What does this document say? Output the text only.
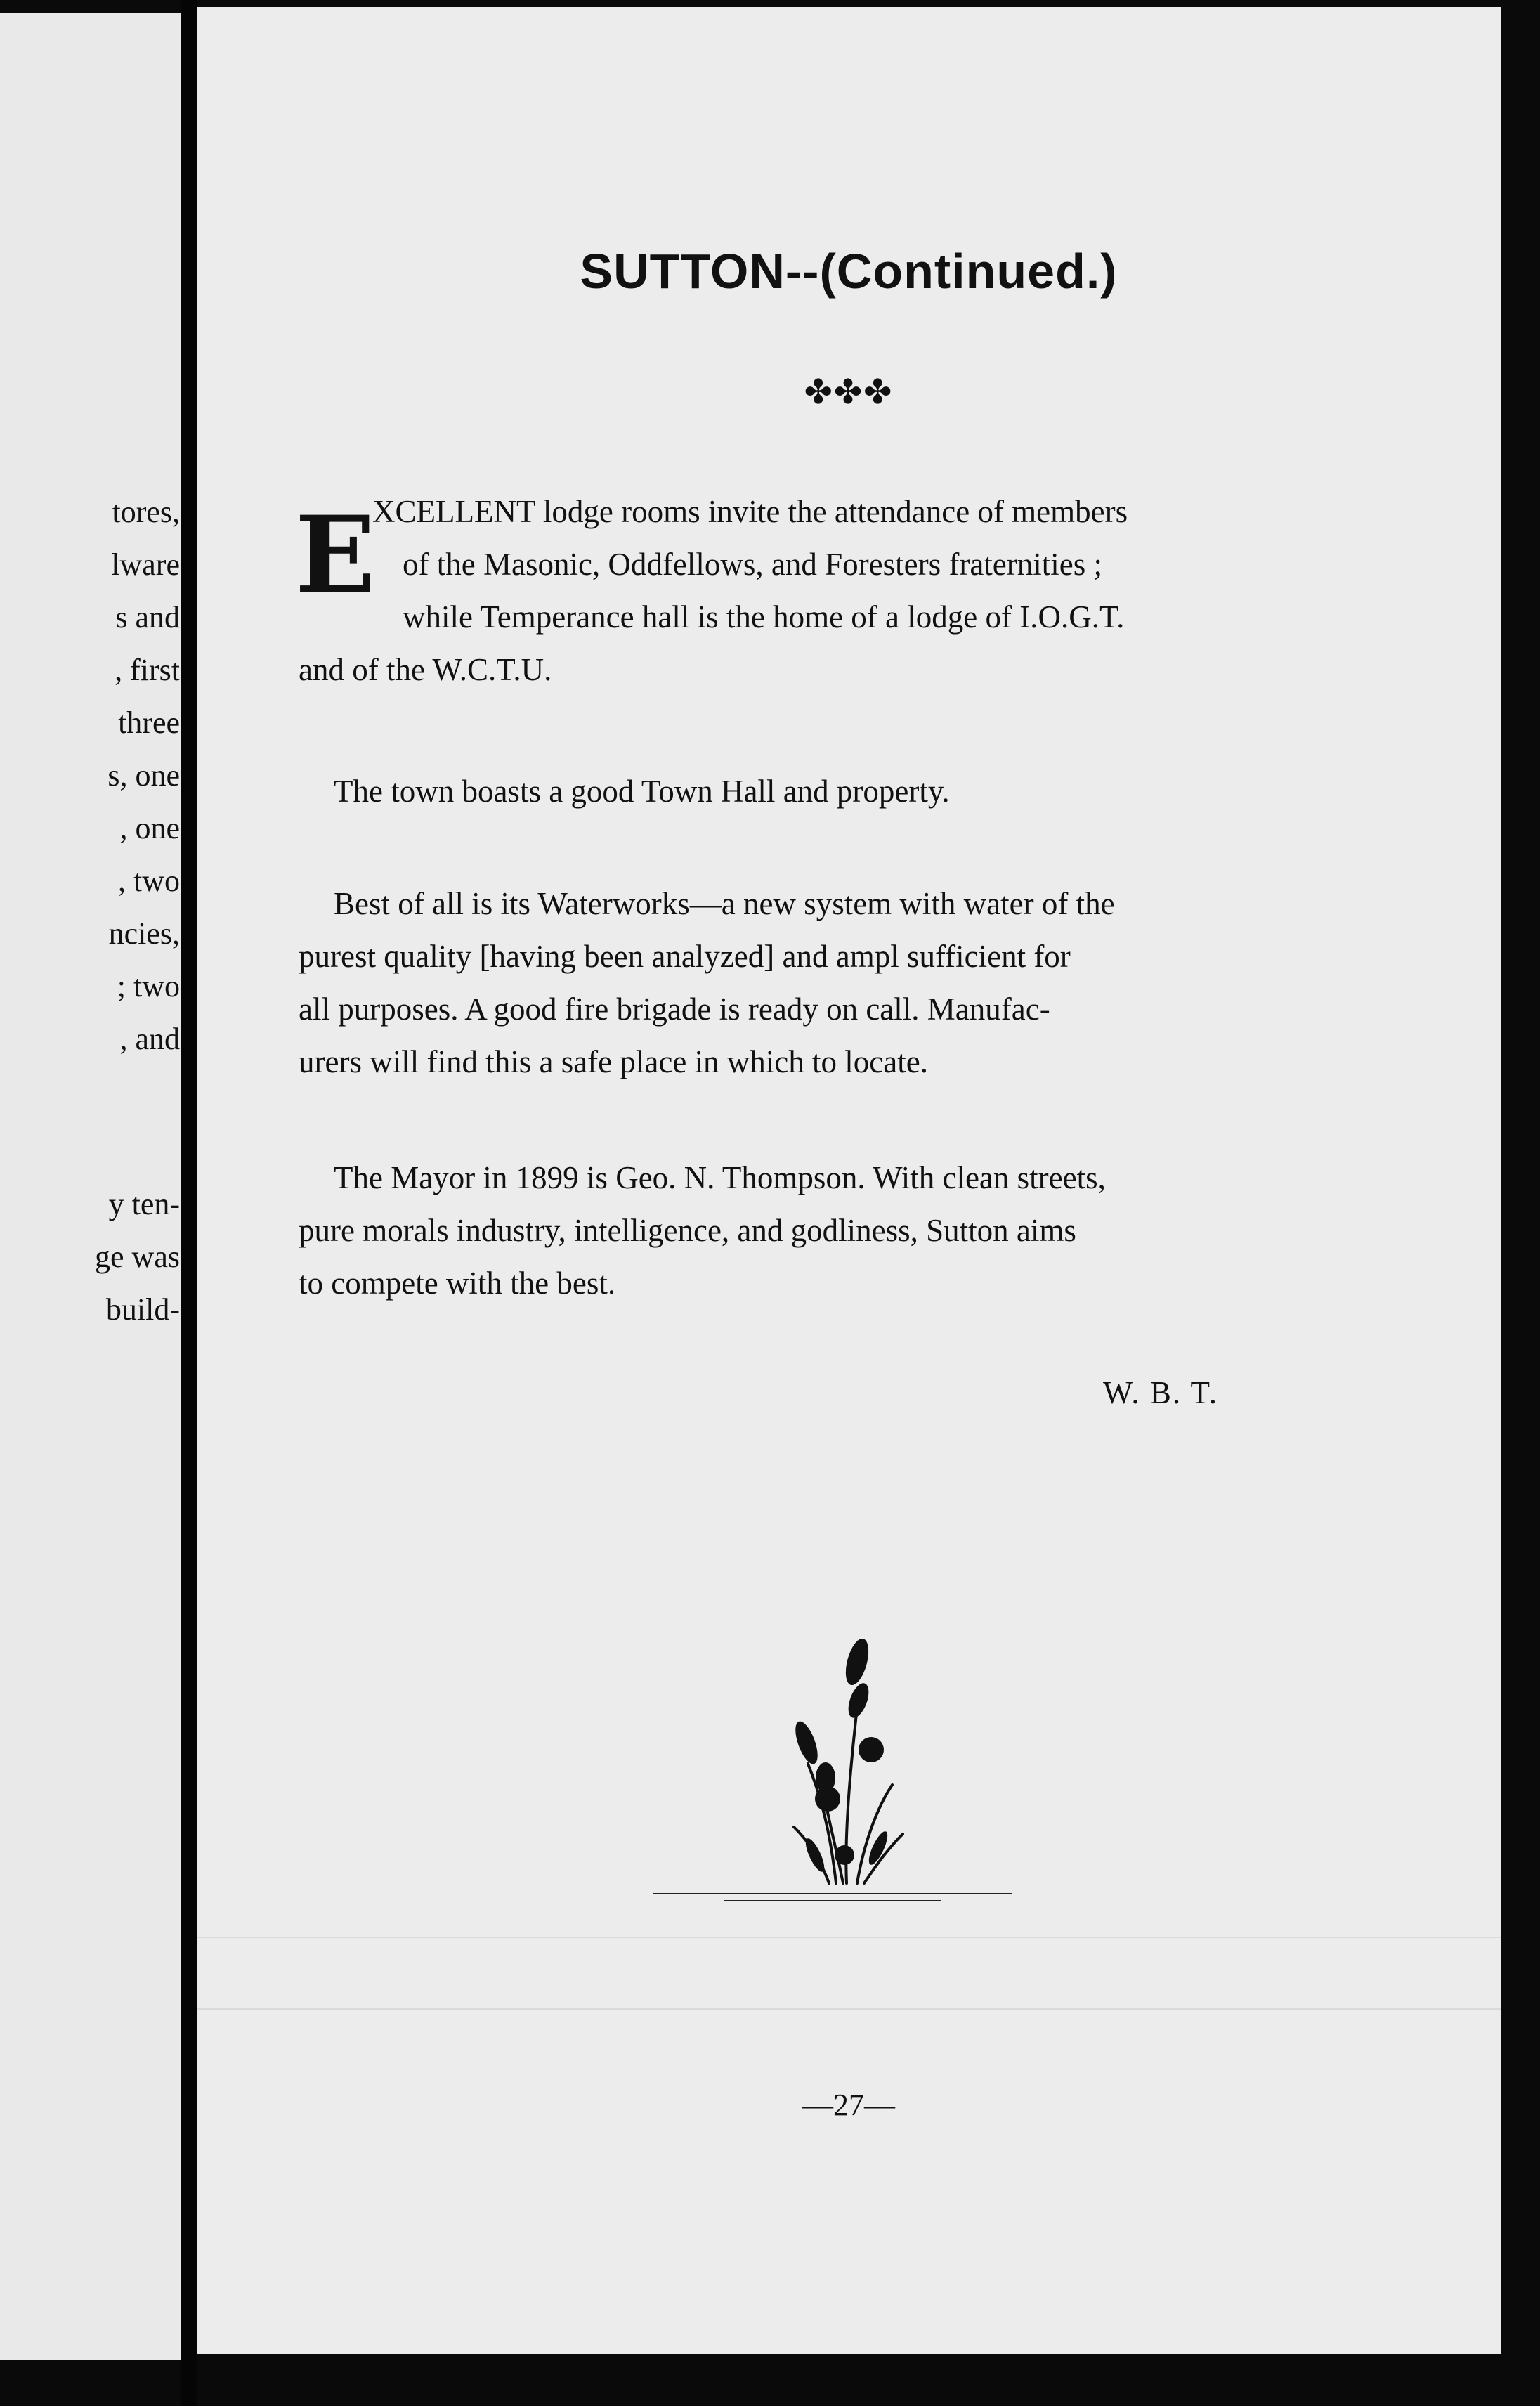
tores,
lware
s and
, first
three
s, one
, one
, two
ncies,
; two
, and
y ten-
ge was
build-
SUTTON--(Continued.)
✤✤✤
E
XCELLENT lodge rooms invite the attendance of members
of the Masonic, Oddfellows, and Foresters fraternities ;
while Temperance hall is the home of a lodge of I.O.G.T.
and of the W.C.T.U.
The town boasts a good Town Hall and property.
Best of all is its Waterworks—a new system with water of the
purest quality [having been analyzed] and ampl sufficient for
all purposes. A good fire brigade is ready on call. Manufac-
urers will find this a safe place in which to locate.
The Mayor in 1899 is Geo. N. Thompson. With clean streets,
pure morals industry, intelligence, and godliness, Sutton aims
to compete with the best.
W. B. T.
—27—
